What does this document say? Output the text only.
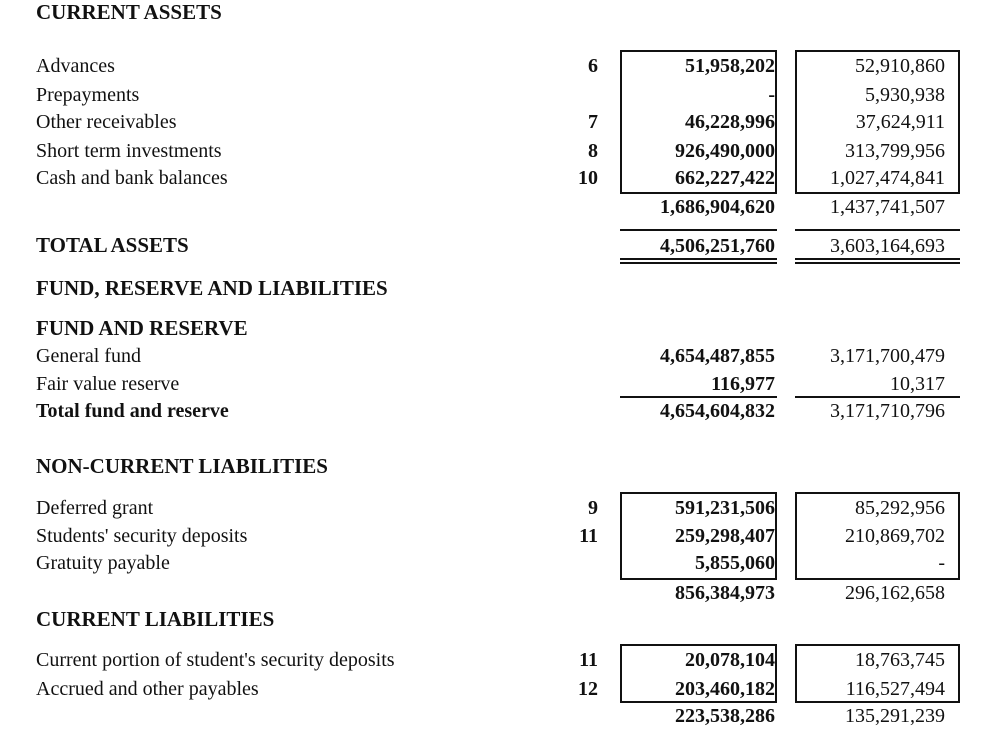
CURRENT ASSETS
Advances	6	51,958,202	52,910,860
Prepayments	-	5,930,938
Other receivables	7	46,228,996	37,624,911
Short term investments	8	926,490,000	313,799,956
Cash and bank balances	10	662,227,422	1,027,474,841
1,686,904,620	1,437,741,507
TOTAL ASSETS	4,506,251,760	3,603,164,693
FUND, RESERVE AND LIABILITIES
FUND AND RESERVE
General fund	4,654,487,855	3,171,700,479
Fair value reserve	116,977	10,317
Total fund and reserve	4,654,604,832	3,171,710,796
NON-CURRENT LIABILITIES
Deferred grant	9	591,231,506	85,292,956
Students' security deposits	11	259,298,407	210,869,702
Gratuity payable	5,855,060	-
856,384,973	296,162,658
CURRENT LIABILITIES
Current portion of student's security deposits	11	20,078,104	18,763,745
Accrued and other payables	12	203,460,182	116,527,494
223,538,286	135,291,239
